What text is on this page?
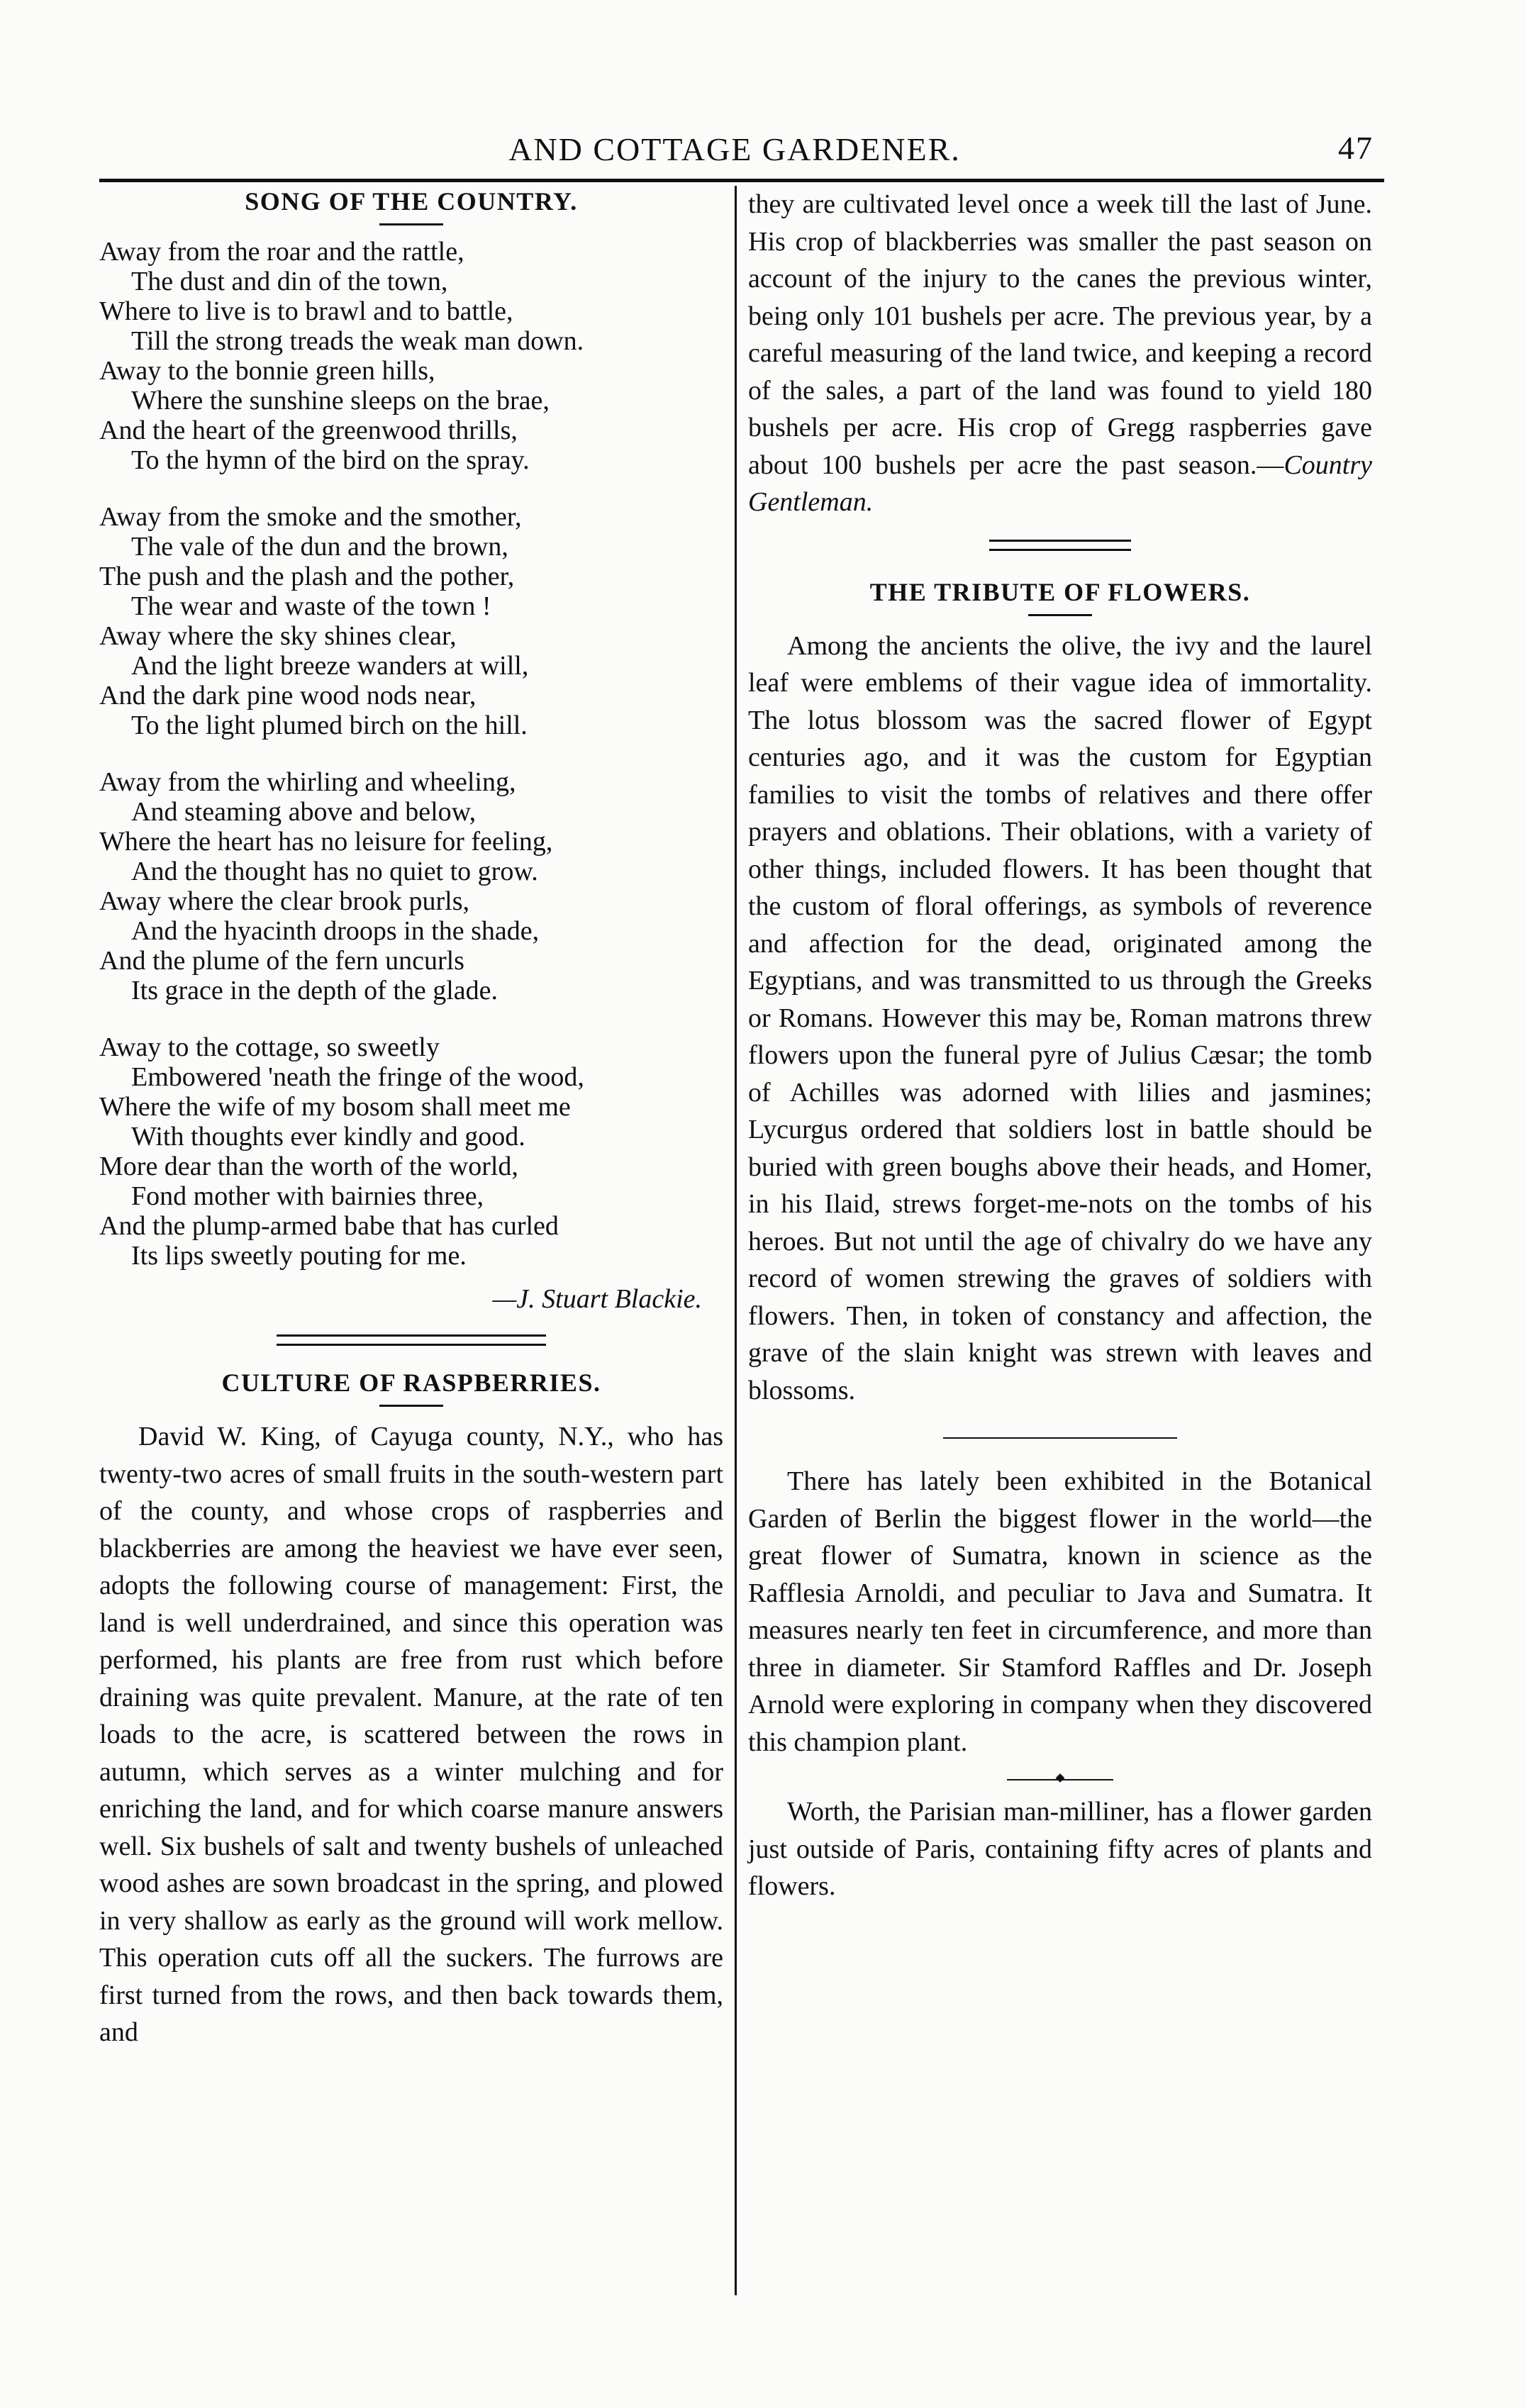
AND COTTAGE GARDENER.	47
SONG OF THE COUNTRY.
Away from the roar and the rattle,
The dust and din of the town,
Where to live is to brawl and to battle,
Till the strong treads the weak man down.
Away to the bonnie green hills,
Where the sunshine sleeps on the brae,
And the heart of the greenwood thrills,
To the hymn of the bird on the spray.
Away from the smoke and the smother,
The vale of the dun and the brown,
The push and the plash and the pother,
The wear and waste of the town !
Away where the sky shines clear,
And the light breeze wanders at will,
And the dark pine wood nods near,
To the light plumed birch on the hill.
Away from the whirling and wheeling,
And steaming above and below,
Where the heart has no leisure for feeling,
And the thought has no quiet to grow.
Away where the clear brook purls,
And the hyacinth droops in the shade,
And the plume of the fern uncurls
Its grace in the depth of the glade.
Away to the cottage, so sweetly
Embowered 'neath the fringe of the wood,
Where the wife of my bosom shall meet me
With thoughts ever kindly and good.
More dear than the worth of the world,
Fond mother with bairnies three,
And the plump-armed babe that has curled
Its lips sweetly pouting for me.
—J. Stuart Blackie.
CULTURE OF RASPBERRIES.

David W. King, of Cayuga county, N.Y., who has twenty-two acres of small fruits in the south-western part of the county, and whose crops of raspberries and blackberries are among the heaviest we have ever seen, adopts the following course of management: First, the land is well underdrained, and since this operation was performed, his plants are free from rust which before draining was quite prevalent. Manure, at the rate of ten loads to the acre, is scattered between the rows in autumn, which serves as a winter mulching and for enriching the land, and for which coarse manure answers well. Six bushels of salt and twenty bushels of unleached wood ashes are sown broadcast in the spring, and plowed in very shallow as early as the ground will work mellow. This operation cuts off all the suckers. The furrows are first turned from the rows, and then back towards them, and

they are cultivated level once a week till the last of June. His crop of blackberries was smaller the past season on account of the injury to the canes the previous winter, being only 101 bushels per acre. The previous year, by a careful measuring of the land twice, and keeping a record of the sales, a part of the land was found to yield 180 bushels per acre. His crop of Gregg raspberries gave about 100 bushels per acre the past season.—Country Gentleman.

THE TRIBUTE OF FLOWERS.

Among the ancients the olive, the ivy and the laurel leaf were emblems of their vague idea of immortality. The lotus blossom was the sacred flower of Egypt centuries ago, and it was the custom for Egyptian families to visit the tombs of relatives and there offer prayers and oblations. Their oblations, with a variety of other things, included flowers. It has been thought that the custom of floral offerings, as symbols of reverence and affection for the dead, originated among the Egyptians, and was transmitted to us through the Greeks or Romans. However this may be, Roman matrons threw flowers upon the funeral pyre of Julius Cæsar; the tomb of Achilles was adorned with lilies and jasmines; Lycurgus ordered that soldiers lost in battle should be buried with green boughs above their heads, and Homer, in his Ilaid, strews forget-me-nots on the tombs of his heroes. But not until the age of chivalry do we have any record of women strewing the graves of soldiers with flowers. Then, in token of constancy and affection, the grave of the slain knight was strewn with leaves and blossoms.

There has lately been exhibited in the Botanical Garden of Berlin the biggest flower in the world—the great flower of Sumatra, known in science as the Rafflesia Arnoldi, and peculiar to Java and Sumatra. It measures nearly ten feet in circumference, and more than three in diameter. Sir Stamford Raffles and Dr. Joseph Arnold were exploring in company when they discovered this champion plant.

Worth, the Parisian man-milliner, has a flower garden just outside of Paris, containing fifty acres of plants and flowers.
